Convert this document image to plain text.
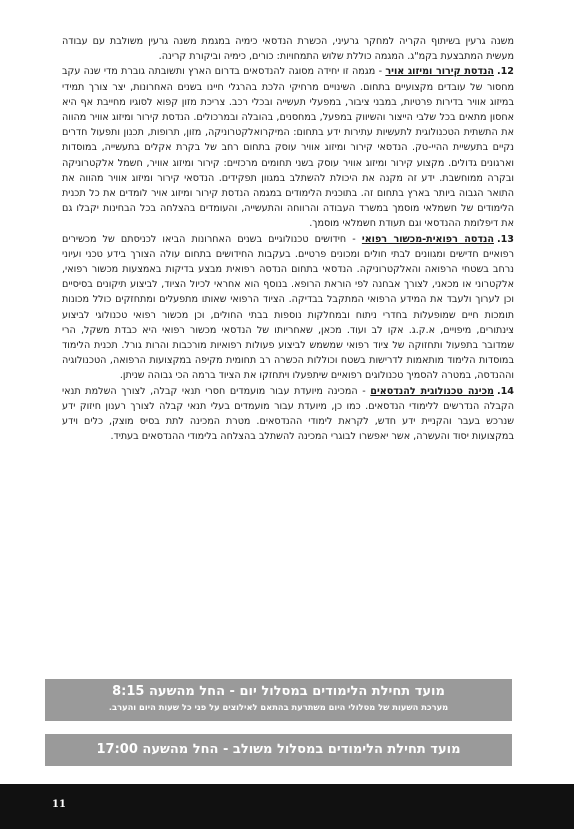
משנה גרעין בשיתוף הקריה למחקר גרעיני, הכשרת הנדסאי כימיה במגמת משנה גרעין משולבת עם עבודה מעשית המתבצעת בקמ"ג. המגמה כוללת שלוש התמחויות: כורים, כימיה וביקורת קרינה.

12.הנדסת קירור ומיזוג אויר - מגמה זו יחידה מסוגה להנדסאים בדרום הארץ ותשובתה גוברת מדי שנה עקב מחסור של עובדים מקצועיים בתחום. השינויים מרחיקי הלכת בהרגלי חיינו בשנים האחרונות, יצר צורך תמידי במיזוג אוויר בדירות פרטיות, במבני ציבור, במפעלי תעשייה ובכלי רכב. צריכת מזון קפוא לסוגיו מחייבת אף היא אחסון מתאים בכל שלבי הייצור והשיווק במפעל, במחסנים, בהובלה ובמרכולים. הנדסת קירור ומיזוג אוויר מהווה את התשתית הטכנולוגית לתעשיות עתירות ידע בתחום: המיקרואלקטרוניקה, מזון, תרופות, תכנון ותפעול חדרים נקיים בתעשיית ההיי-טק. הנדסאי קירור ומיזוג אוויר עוסק בתחום רחב של בקרת אקלים בתעשייה, במוסדות וארגונים גדולים. מקצוע קירור ומיזוג אוויר עוסק בשני תחומים מרכזיים: קירור ומיזוג אוויר, חשמל אלקטרוניקה ובקרה ממוחשבת. ידע זה מקנה את היכולת להשתלב במגוון תפקידים. הנדסאי קירור ומיזוג אוויר מהווה את התואר הגבוה ביותר בארץ בתחום זה. בתוכנית הלימודים במגמה הנדסת קירור ומיזוג אויר לומדים את כל תכנית הלימודים של חשמלאי מוסמך במשרד העבודה והרווחה והתעשייה, והעומדים בהצלחה בכל הבחינות יקבלו גם את דיפלומת ההנדסאי וגם תעודת חשמלאי מוסמך.

13.הנדסה רפואית-מכשור רפואי - חידושים טכנולוגיים בשנים האחרונות הביאו לכניסתם של מכשירים רפואיים חדישים ומגוונים לבתי חולים ומכונים פרטיים. בעקבות החידושים בתחום עולה הצורך בידע טכני ועיוני נרחב בשטחי הרפואה והאלקטרוניקה. הנדסאי בתחום הנדסה רפואית מבצע בדיקות באמצעות מכשור רפואי, אלקטרוני או מכאני, לצורך אבחנה לפי הוראת הרופא. בנוסף הוא אחראי לכיול הציוד, לביצוע תיקונים בסיסיים וכן לערוך ולעבד את המידע הרפואי המתקבל בבדיקה. הציוד הרפואי שאותו מתפעלים ומתחזקים כולל מכונות תומכות חיים שמופעלות בחדרי ניתוח ובמחלקות נוספות בבתי החולים, וכן מכשור רפואי טכנולוגי לביצוע צינתורים, מיפויים, א.ק.ג. אקו לב ועוד. מכאן, שאחריותו של הנדסאי מכשור רפואי היא כבדת משקל, הרי שמדובר בתפעול ותחזוקה של ציוד רפואי שמשמש לביצוע פעולות רפואיות מורכבות והרות גורל. תכנית הלימוד במוסדות הלימוד מותאמות לדרישות בשטח וכוללות הכשרה רב תחומית מקיפה במקצועות הרפואה, הטכנולוגיה וההנדסה, במטרה להסמיך טכנולוגים רפואיים שיתפעלו ויתחזקו את הציוד ברמה הכי גבוהה שניתן.

14.מכינה טכנולוגית להנדסאים - המכינה מיועדת עבור מועמדים חסרי תנאי קבלה, לצורך השלמת תנאי הקבלה הנדרשים ללימודי הנדסאים. כמו כן, מיועדת עבור מועמדים בעלי תנאי קבלה לצורך רענון חיזוק ידע שנרכש בעבר והקניית ידע חדש, לקראת לימודי ההנדסאים. מטרת המכינה לתת בסיס מוצק, כלים וידע במקצועות יסוד והעשרה, אשר יאפשרו לבוגרי המכינה להשתלב בהצלחה בלימודי ההנדסאים בעתיד.

מועד תחילת הלימודים במסלול יום - החל מהשעה 8:15
מערכת השעות של מסלולי היום משתרעת בהתאם לאילוצים על פני כל שעות היום והערב.
מועד תחילת הלימודים במסלול משולב - החל מהשעה 17:00
11
